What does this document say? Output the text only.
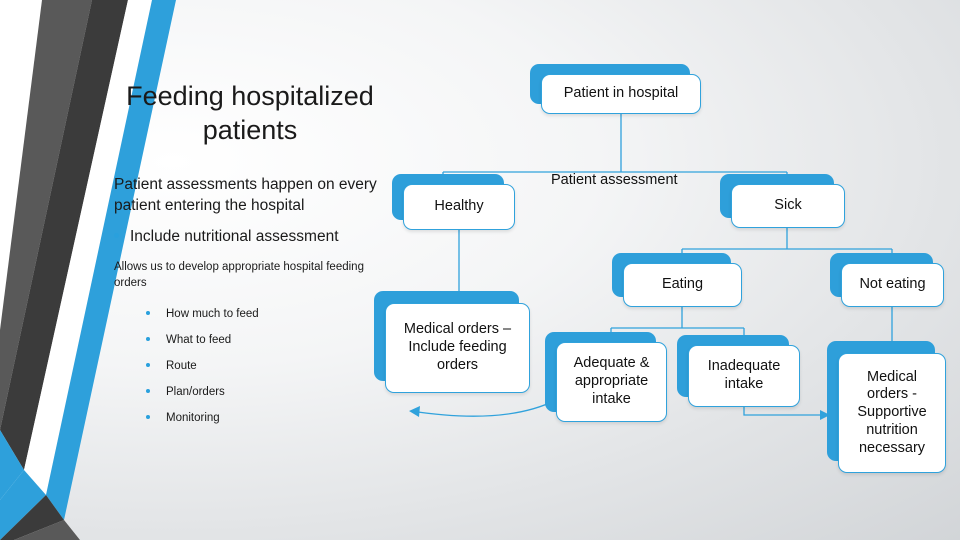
Feeding hospitalized patients
Patient assessments happen on every patient entering the hospital
Include nutritional assessment
Allows us to develop appropriate hospital feeding orders
How much to feed
What to feed
Route
Plan/orders
Monitoring
Patient in hospital
Healthy	Sick
Eating	Not eating
Medical orders – Include feeding orders	Adequate & appropriate intake
Inadequate intake	Medical orders - Supportive nutrition necessary
Patient assessment
